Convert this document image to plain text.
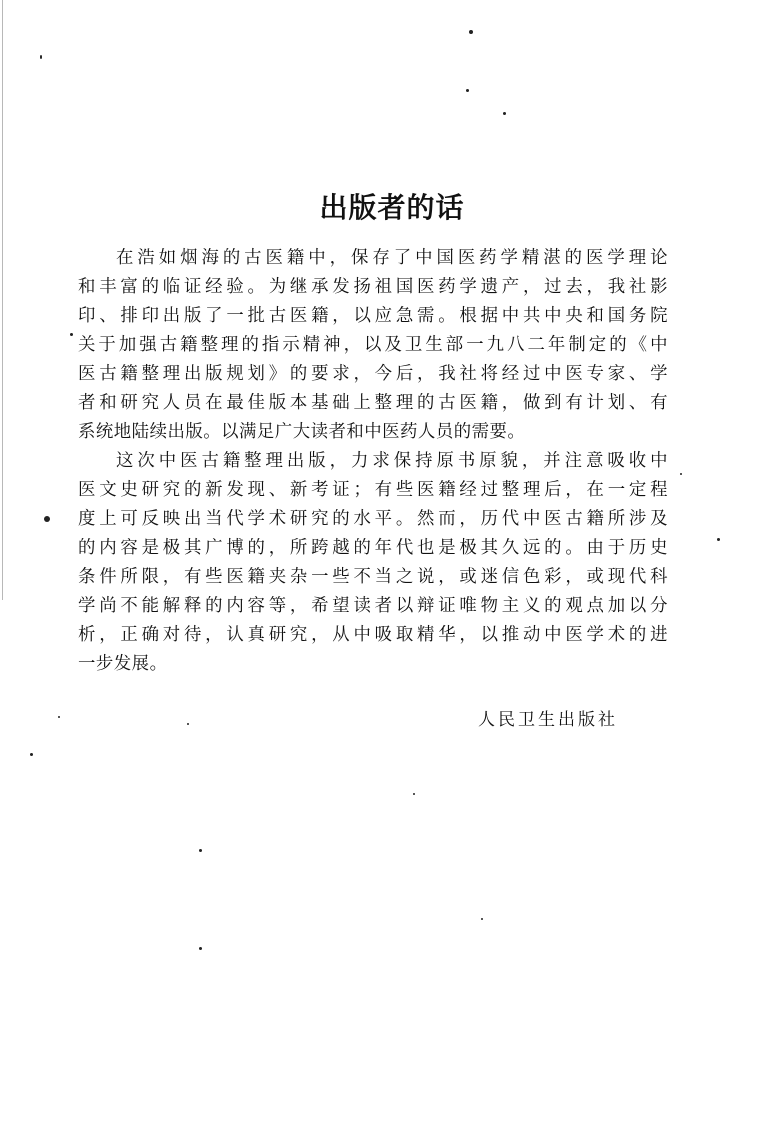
出版者的话
在浩如烟海的古医籍中，保存了中国医药学精湛的医学理论
和丰富的临证经验。为继承发扬祖国医药学遗产，过去，我社影
印、排印出版了一批古医籍，以应急需。根据中共中央和国务院
关于加强古籍整理的指示精神，以及卫生部一九八二年制定的《中
医古籍整理出版规划》的要求，今后，我社将经过中医专家、学
者和研究人员在最佳版本基础上整理的古医籍，做到有计划、有
系统地陆续出版。以满足广大读者和中医药人员的需要。
这次中医古籍整理出版，力求保持原书原貌，并注意吸收中
医文史研究的新发现、新考证；有些医籍经过整理后，在一定程
度上可反映出当代学术研究的水平。然而，历代中医古籍所涉及
的内容是极其广博的，所跨越的年代也是极其久远的。由于历史
条件所限，有些医籍夹杂一些不当之说，或迷信色彩，或现代科
学尚不能解释的内容等，希望读者以辩证唯物主义的观点加以分
析，正确对待，认真研究，从中吸取精华，以推动中医学术的进
一步发展。
人民卫生出版社
